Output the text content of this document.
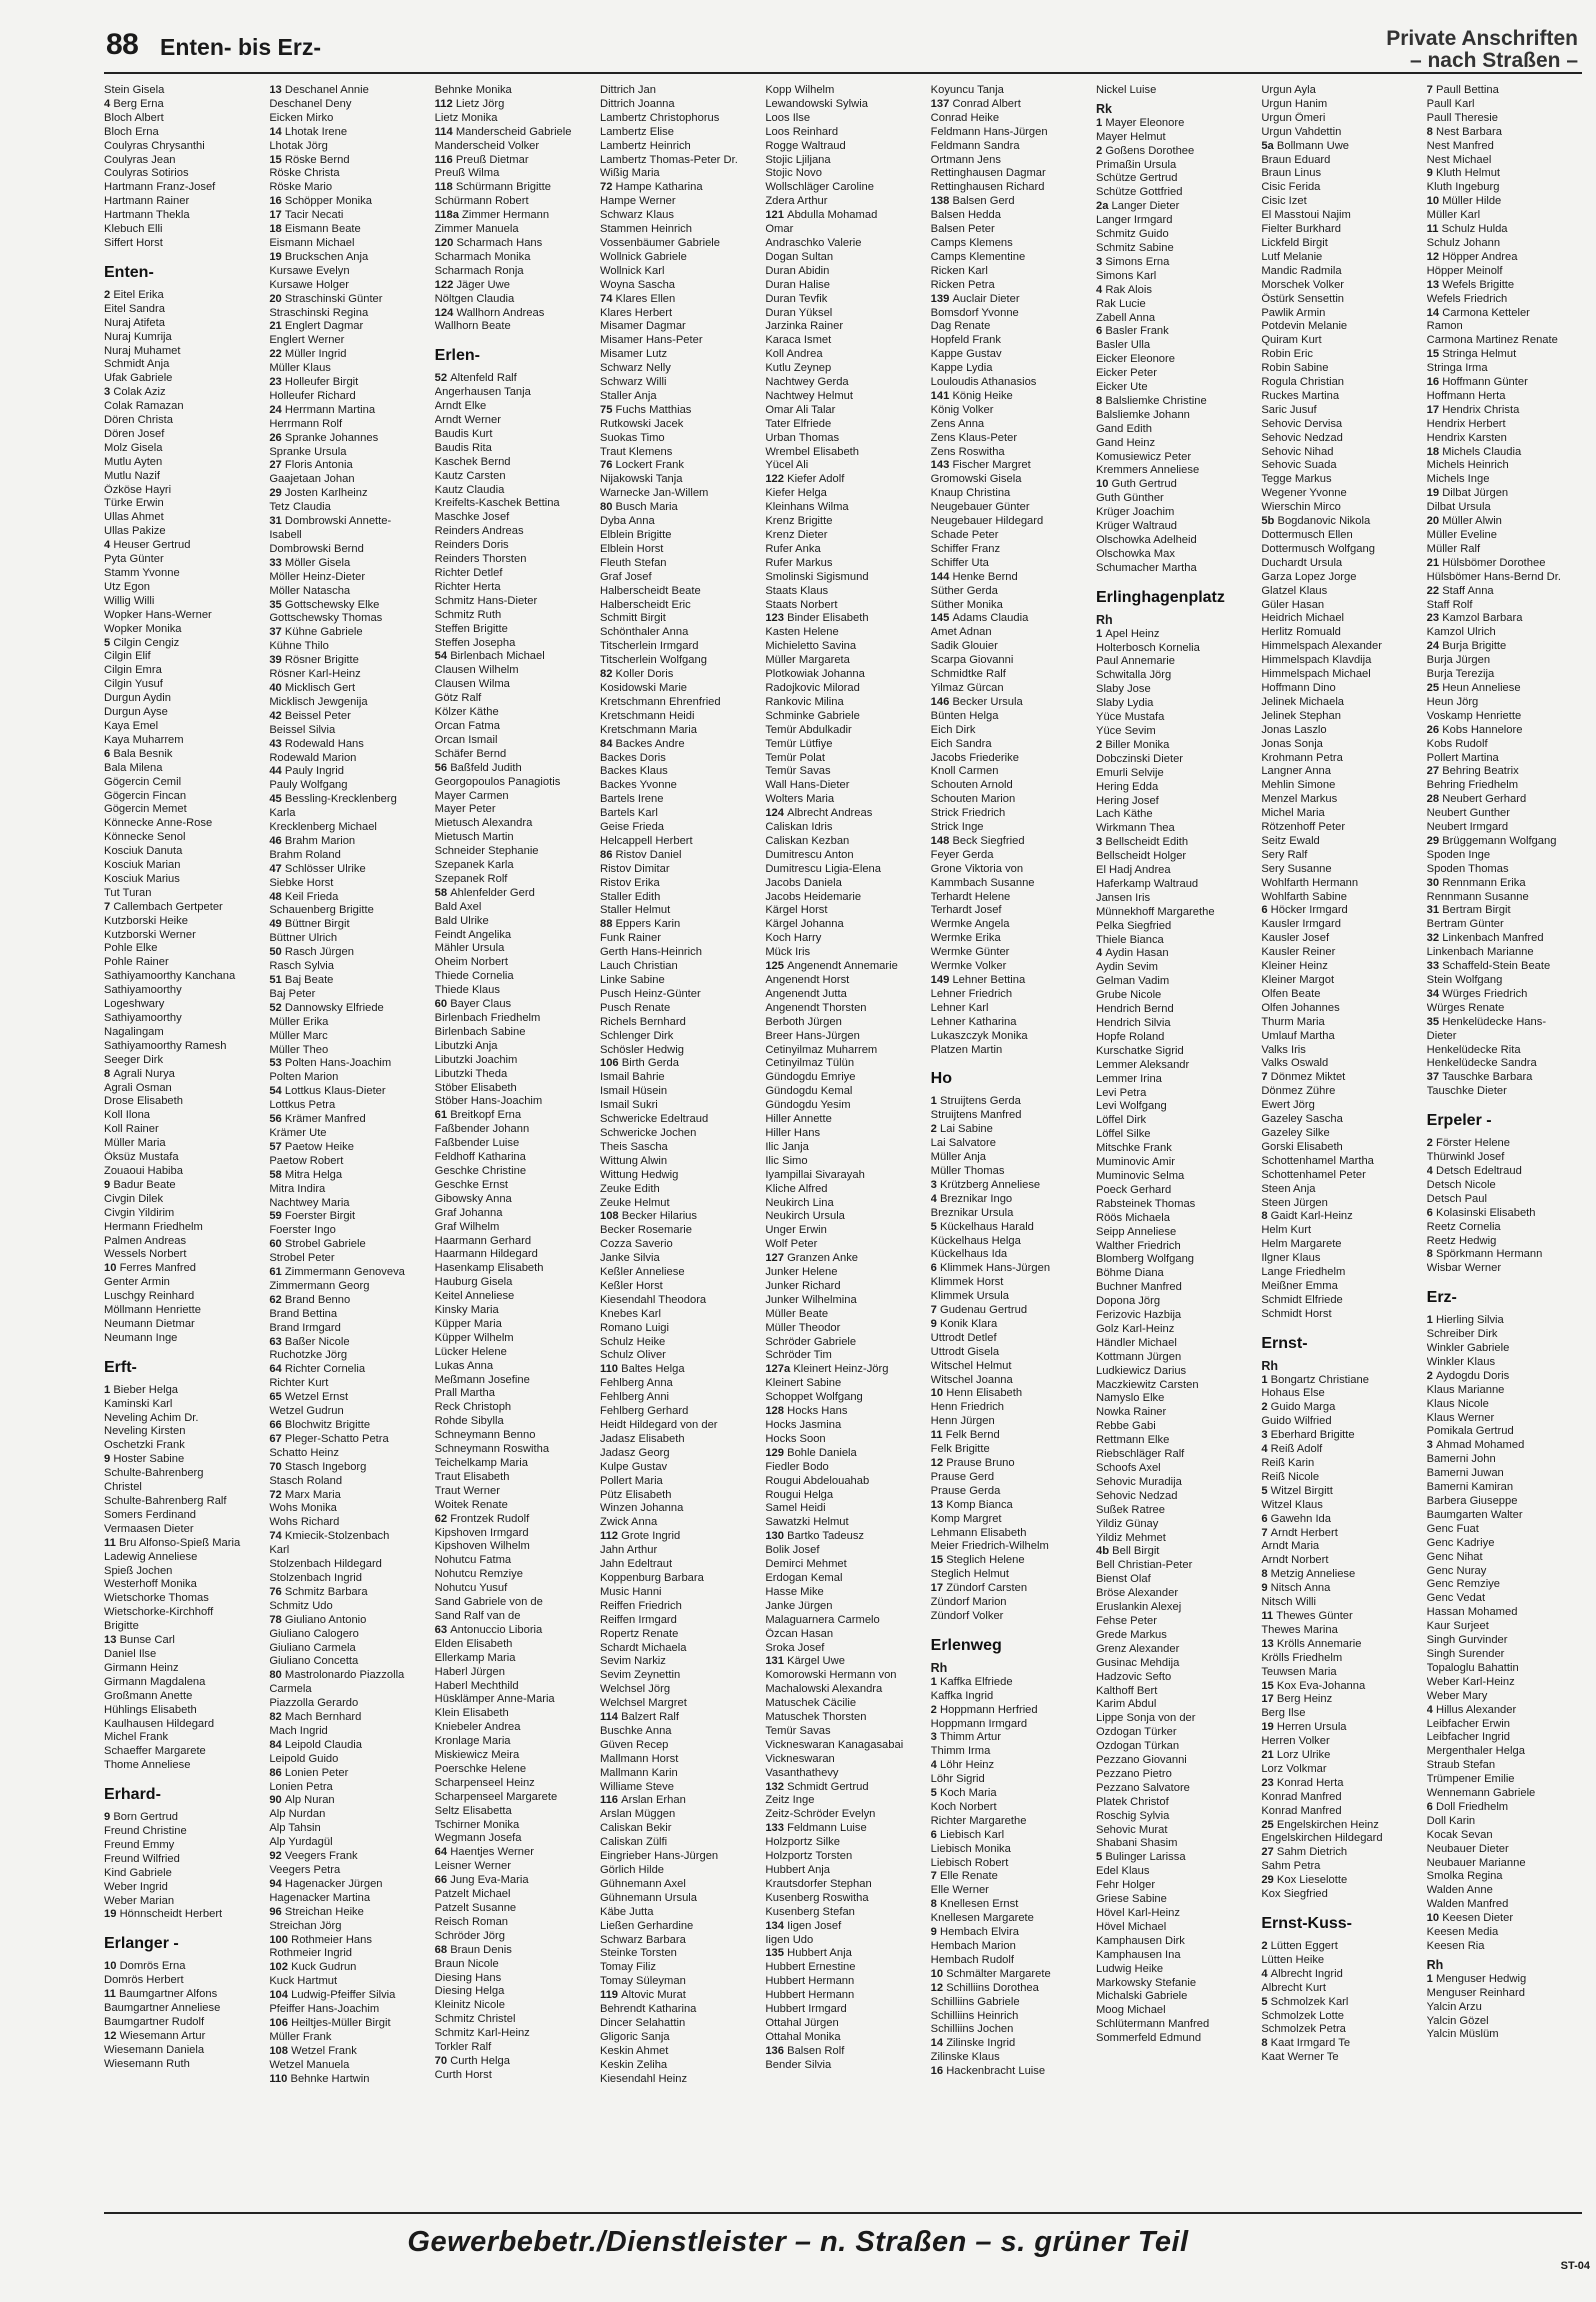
88 Enten- bis Erz-	Private Anschriften
– nach Straßen –
Stein Gisela
4 Berg Erna
Bloch Albert
Bloch Erna
Coulyras Chrysanthi
Coulyras Jean
Coulyras Sotirios
Hartmann Franz-Josef
Hartmann Rainer
Hartmann Thekla
Klebuch Elli
Siffert Horst
Enten-
2 Eitel Erika
Eitel Sandra
Nuraj Atifeta
Nuraj Kumrija
Nuraj Muhamet
Schmidt Anja
Ufak Gabriele
3 Colak Aziz
Colak Ramazan
Dören Christa
Dören Josef
Molz Gisela
Mutlu Ayten
Mutlu Nazif
Özköse Hayri
Türke Erwin
Ullas Ahmet
Ullas Pakize
4 Heuser Gertrud
Pyta Günter
Stamm Yvonne
Utz Egon
Willig Willi
Wopker Hans-Werner
Wopker Monika
5 Cilgin Cengiz
Cilgin Elif
Cilgin Emra
Cilgin Yusuf
Durgun Aydin
Durgun Ayse
Kaya Emel
Kaya Muharrem
6 Bala Besnik
Bala Milena
Gögercin Cemil
Gögercin Fincan
Gögercin Memet
Könnecke Anne-Rose
Könnecke Senol
Kosciuk Danuta
Kosciuk Marian
Kosciuk Marius
Tut Turan
7 Callembach Gertpeter
Kutzborski Heike
Kutzborski Werner
Pohle Elke
Pohle Rainer
Sathiyamoorthy Kanchana
Sathiyamoorthy
Logeshwary
Sathiyamoorthy
Nagalingam
Sathiyamoorthy Ramesh
Seeger Dirk
8 Agrali Nurya
Agrali Osman
Drose Elisabeth
Koll Ilona
Koll Rainer
Müller Maria
Öksüz Mustafa
Zouaoui Habiba
9 Badur Beate
Civgin Dilek
Civgin Yildirim
Hermann Friedhelm
Palmen Andreas
Wessels Norbert
10 Ferres Manfred
Genter Armin
Luschgy Reinhard
Möllmann Henriette
Neumann Dietmar
Neumann Inge
Erft-
1 Bieber Helga
Kaminski Karl
Neveling Achim Dr.
Neveling Kirsten
Oschetzki Frank
9 Hoster Sabine
Schulte-Bahrenberg
Christel
Schulte-Bahrenberg Ralf
Somers Ferdinand
Vermaasen Dieter
11 Bru Alfonso-Spieß Maria
Ladewig Anneliese
Spieß Jochen
Westerhoff Monika
Wietschorke Thomas
Wietschorke-Kirchhoff
Brigitte
13 Bunse Carl
Daniel Ilse
Girmann Heinz
Girmann Magdalena
Großmann Anette
Hühlings Elisabeth
Kaulhausen Hildegard
Michel Frank
Schaeffer Margarete
Thome Anneliese
Erhard-
9 Born Gertrud
Freund Christine
Freund Emmy
Freund Wilfried
Kind Gabriele
Weber Ingrid
Weber Marian
19 Hönnscheidt Herbert
Erlanger -
10 Domrös Erna
Domrös Herbert
11 Baumgartner Alfons
Baumgartner Anneliese
Baumgartner Rudolf
12 Wiesemann Artur
Wiesemann Daniela
Wiesemann Ruth
13 Deschanel Annie
Deschanel Deny
Eicken Mirko
14 Lhotak Irene
Lhotak Jörg
15 Röske Bernd
Röske Christa
Röske Mario
16 Schöpper Monika
17 Tacir Necati
18 Eismann Beate
Eismann Michael
19 Bruckschen Anja
Kursawe Evelyn
Kursawe Holger
20 Straschinski Günter
Straschinski Regina
21 Englert Dagmar
Englert Werner
22 Müller Ingrid
Müller Klaus
23 Holleufer Birgit
Holleufer Richard
24 Herrmann Martina
Herrmann Rolf
26 Spranke Johannes
Spranke Ursula
27 Floris Antonia
Gaajetaan Johan
29 Josten Karlheinz
Tetz Claudia
31 Dombrowski Annette-
Isabell
Dombrowski Bernd
33 Möller Gisela
Möller Heinz-Dieter
Möller Natascha
35 Gottschewsky Elke
Gottschewsky Thomas
37 Kühne Gabriele
Kühne Thilo
39 Rösner Brigitte
Rösner Karl-Heinz
40 Micklisch Gert
Micklisch Jewgenija
42 Beissel Peter
Beissel Silvia
43 Rodewald Hans
Rodewald Marion
44 Pauly Ingrid
Pauly Wolfgang
45 Bessling-Krecklenberg
Karla
Krecklenberg Michael
46 Brahm Marion
Brahm Roland
47 Schlösser Ulrike
Siebke Horst
48 Keil Frieda
Schauenberg Brigitte
49 Büttner Birgit
Büttner Ulrich
50 Rasch Jürgen
Rasch Sylvia
51 Baj Beate
Baj Peter
52 Dannowsky Elfriede
Müller Erika
Müller Marc
Müller Theo
53 Polten Hans-Joachim
Polten Marion
54 Lottkus Klaus-Dieter
Lottkus Petra
56 Krämer Manfred
Krämer Ute
57 Paetow Heike
Paetow Robert
58 Mitra Helga
Mitra Indira
Nachtwey Maria
59 Foerster Birgit
Foerster Ingo
60 Strobel Gabriele
Strobel Peter
61 Zimmermann Genoveva
Zimmermann Georg
62 Brand Benno
Brand Bettina
Brand Irmgard
63 Baßer Nicole
Ruchotzke Jörg
64 Richter Cornelia
Richter Kurt
65 Wetzel Ernst
Wetzel Gudrun
66 Blochwitz Brigitte
67 Pleger-Schatto Petra
Schatto Heinz
70 Stasch Ingeborg
Stasch Roland
72 Marx Maria
Wohs Monika
Wohs Richard
74 Kmiecik-Stolzenbach
Karl
Stolzenbach Hildegard
Stolzenbach Ingrid
76 Schmitz Barbara
Schmitz Udo
78 Giuliano Antonio
Giuliano Calogero
Giuliano Carmela
Giuliano Concetta
80 Mastrolonardo Piazzolla
Carmela
Piazzolla Gerardo
82 Mach Bernhard
Mach Ingrid
84 Leipold Claudia
Leipold Guido
86 Lonien Peter
Lonien Petra
90 Alp Nuran
Alp Nurdan
Alp Tahsin
Alp Yurdagül
92 Veegers Frank
Veegers Petra
94 Hagenacker Jürgen
Hagenacker Martina
96 Streichan Heike
Streichan Jörg
100 Rothmeier Hans
Rothmeier Ingrid
102 Kuck Gudrun
Kuck Hartmut
104 Ludwig-Pfeiffer Silvia
Pfeiffer Hans-Joachim
106 Heiltjes-Müller Birgit
Müller Frank
108 Wetzel Frank
Wetzel Manuela
110 Behnke Hartwin
Behnke Monika
112 Lietz Jörg
Lietz Monika
114 Manderscheid Gabriele
Manderscheid Volker
116 Preuß Dietmar
Preuß Wilma
118 Schürmann Brigitte
Schürmann Robert
118a Zimmer Hermann
Zimmer Manuela
120 Scharmach Hans
Scharmach Monika
Scharmach Ronja
122 Jäger Uwe
Nöltgen Claudia
124 Wallhorn Andreas
Wallhorn Beate
Erlen-
52 Altenfeld Ralf
Angerhausen Tanja
Arndt Elke
Arndt Werner
Baudis Kurt
Baudis Rita
Kaschek Bernd
Kautz Carsten
Kautz Claudia
Kreifelts-Kaschek Bettina
Maschke Josef
Reinders Andreas
Reinders Doris
Reinders Thorsten
Richter Detlef
Richter Herta
Schmitz Hans-Dieter
Schmitz Ruth
Steffen Brigitte
Steffen Josepha
54 Birlenbach Michael
Clausen Wilhelm
Clausen Wilma
Götz Ralf
Kölzer Käthe
Orcan Fatma
Orcan Ismail
Schäfer Bernd
56 Baßfeld Judith
Georgopoulos Panagiotis
Mayer Carmen
Mayer Peter
Mietusch Alexandra
Mietusch Martin
Schneider Stephanie
Szepanek Karla
Szepanek Rolf
58 Ahlenfelder Gerd
Bald Axel
Bald Ulrike
Feindt Angelika
Mähler Ursula
Oheim Norbert
Thiede Cornelia
Thiede Klaus
60 Bayer Claus
Birlenbach Friedhelm
Birlenbach Sabine
Libutzki Anja
Libutzki Joachim
Libutzki Theda
Stöber Elisabeth
Stöber Hans-Joachim
61 Breitkopf Erna
Faßbender Johann
Faßbender Luise
Feldhoff Katharina
Geschke Christine
Geschke Ernst
Gibowsky Anna
Graf Johanna
Graf Wilhelm
Haarmann Gerhard
Haarmann Hildegard
Hasenkamp Elisabeth
Hauburg Gisela
Keitel Anneliese
Kinsky Maria
Küpper Maria
Küpper Wilhelm
Lücker Helene
Lukas Anna
Meßmann Josefine
Prall Martha
Reck Christoph
Rohde Sibylla
Schneymann Benno
Schneymann Roswitha
Teichelkamp Maria
Traut Elisabeth
Traut Werner
Woitek Renate
62 Frontzek Rudolf
Kipshoven Irmgard
Kipshoven Wilhelm
Nohutcu Fatma
Nohutcu Remziye
Nohutcu Yusuf
Sand Gabriele von de
Sand Ralf van de
63 Antonuccio Liboria
Elden Elisabeth
Ellerkamp Maria
Haberl Jürgen
Haberl Mechthild
Hüsklämper Anne-Maria
Klein Elisabeth
Kniebeler Andrea
Kronlage Maria
Miskiewicz Meira
Poerschke Helene
Scharpenseel Heinz
Scharpenseel Margarete
Seltz Elisabetta
Tschirner Monika
Wegmann Josefa
64 Haentjes Werner
Leisner Werner
66 Jung Eva-Maria
Patzelt Michael
Patzelt Susanne
Reisch Roman
Schröder Jörg
68 Braun Denis
Braun Nicole
Diesing Hans
Diesing Helga
Kleinitz Nicole
Schmitz Christel
Schmitz Karl-Heinz
Torkler Ralf
70 Curth Helga
Curth Horst
Dittrich Jan
Dittrich Joanna
Lambertz Christophorus
Lambertz Elise
Lambertz Heinrich
Lambertz Thomas-Peter Dr.
Wißig Maria
72 Hampe Katharina
Hampe Werner
Schwarz Klaus
Stammen Heinrich
Vossenbäumer Gabriele
Wollnick Gabriele
Wollnick Karl
Woyna Sascha
74 Klares Ellen
Klares Herbert
Misamer Dagmar
Misamer Hans-Peter
Misamer Lutz
Schwarz Nelly
Schwarz Willi
Staller Anja
75 Fuchs Matthias
Rutkowski Jacek
Suokas Timo
Traut Klemens
76 Lockert Frank
Nijakowski Tanja
Warnecke Jan-Willem
80 Busch Maria
Dyba Anna
Elblein Brigitte
Elblein Horst
Fleuth Stefan
Graf Josef
Halberscheidt Beate
Halberscheidt Eric
Schmitt Birgit
Schönthaler Anna
Titscherlein Irmgard
Titscherlein Wolfgang
82 Koller Doris
Kosidowski Marie
Kretschmann Ehrenfried
Kretschmann Heidi
Kretschmann Maria
84 Backes Andre
Backes Doris
Backes Klaus
Backes Yvonne
Bartels Irene
Bartels Karl
Geise Frieda
Helcappell Herbert
86 Ristov Daniel
Ristov Dimitar
Ristov Erika
Staller Edith
Staller Helmut
88 Eppers Karin
Funk Rainer
Gerth Hans-Heinrich
Lauch Christian
Linke Sabine
Pusch Heinz-Günter
Pusch Renate
Richels Bernhard
Schlenger Dirk
Schösler Hedwig
106 Birth Gerda
Ismail Bahrie
Ismail Hüsein
Ismail Sukri
Schwericke Edeltraud
Schwericke Jochen
Theis Sascha
Wittung Alwin
Wittung Hedwig
Zeuke Edith
Zeuke Helmut
108 Becker Hilarius
Becker Rosemarie
Cozza Saverio
Janke Silvia
Keßler Anneliese
Keßler Horst
Kiesendahl Theodora
Knebes Karl
Romano Luigi
Schulz Heike
Schulz Oliver
110 Baltes Helga
Fehlberg Anna
Fehlberg Anni
Fehlberg Gerhard
Heidt Hildegard von der
Jadasz Elisabeth
Jadasz Georg
Kulpe Gustav
Pollert Maria
Pütz Elisabeth
Winzen Johanna
Zwick Anna
112 Grote Ingrid
Jahn Arthur
Jahn Edeltraut
Koppenburg Barbara
Music Hanni
Reiffen Friedrich
Reiffen Irmgard
Ropertz Renate
Schardt Michaela
Sevim Narkiz
Sevim Zeynettin
Welchsel Jörg
Welchsel Margret
114 Balzert Ralf
Buschke Anna
Güven Recep
Mallmann Horst
Mallmann Karin
Williame Steve
116 Arslan Erhan
Arslan Müggen
Caliskan Bekir
Caliskan Zülfi
Eingrieber Hans-Jürgen
Görlich Hilde
Gühnemann Axel
Gühnemann Ursula
Käbe Jutta
Ließen Gerhardine
Schwarz Barbara
Steinke Torsten
Tomay Filiz
Tomay Süleyman
119 Altovic Murat
Behrendt Katharina
Dincer Selahattin
Gligoric Sanja
Keskin Ahmet
Keskin Zeliha
Kiesendahl Heinz
Kopp Wilhelm
Lewandowski Sylwia
Loos Ilse
Loos Reinhard
Rogge Waltraud
Stojic Ljiljana
Stojic Novo
Wollschläger Caroline
Zdera Arthur
121 Abdulla Mohamad
Omar
Andraschko Valerie
Dogan Sultan
Duran Abidin
Duran Halise
Duran Tevfik
Duran Yüksel
Jarzinka Rainer
Karaca Ismet
Koll Andrea
Kutlu Zeynep
Nachtwey Gerda
Nachtwey Helmut
Omar Ali Talar
Tater Elfriede
Urban Thomas
Wrembel Elisabeth
Yücel Ali
122 Kiefer Adolf
Kiefer Helga
Kleinhans Wilma
Krenz Brigitte
Krenz Dieter
Rufer Anka
Rufer Markus
Smolinski Sigismund
Staats Klaus
Staats Norbert
123 Binder Elisabeth
Kasten Helene
Michieletto Savina
Müller Margareta
Plotkowiak Johanna
Radojkovic Milorad
Rankovic Milina
Schminke Gabriele
Temür Abdulkadir
Temür Lütfiye
Temür Polat
Temür Savas
Wall Hans-Dieter
Wolters Maria
124 Albrecht Andreas
Caliskan Idris
Caliskan Kezban
Dumitrescu Anton
Dumitrescu Ligia-Elena
Jacobs Daniela
Jacobs Heidemarie
Kärgel Horst
Kärgel Johanna
Koch Harry
Mück Iris
125 Angenendt Annemarie
Angenendt Horst
Angenendt Jutta
Angenendt Thorsten
Berboth Jürgen
Breer Hans-Jürgen
Cetinyilmaz Muharrem
Cetinyilmaz Tülün
Gündogdu Emriye
Gündogdu Kemal
Gündogdu Yesim
Hiller Annette
Hiller Hans
Ilic Janja
Ilic Simo
Iyampillai Sivarayah
Kliche Alfred
Neukirch Lina
Neukirch Ursula
Unger Erwin
Wolf Peter
127 Granzen Anke
Junker Helene
Junker Richard
Junker Wilhelmina
Müller Beate
Müller Theodor
Schröder Gabriele
Schröder Tim
127a Kleinert Heinz-Jörg
Kleinert Sabine
Schoppet Wolfgang
128 Hocks Hans
Hocks Jasmina
Hocks Soon
129 Bohle Daniela
Fiedler Bodo
Rougui Abdelouahab
Rougui Helga
Samel Heidi
Sawatzki Helmut
130 Bartko Tadeusz
Bolik Josef
Demirci Mehmet
Erdogan Kemal
Hasse Mike
Janke Jürgen
Malaguarnera Carmelo
Özcan Hasan
Sroka Josef
131 Kärgel Uwe
Komorowski Hermann von
Machalowski Alexandra
Matuschek Cäcilie
Matuschek Thorsten
Temür Savas
Vickneswaran Kanagasabai
Vickneswaran
Vasanthathevy
132 Schmidt Gertrud
Zeitz Inge
Zeitz-Schröder Evelyn
133 Feldmann Luise
Holzportz Silke
Holzportz Torsten
Hubbert Anja
Krautsdorfer Stephan
Kusenberg Roswitha
Kusenberg Stefan
134 Iigen Josef
Iigen Udo
135 Hubbert Anja
Hubbert Ernestine
Hubbert Hermann
Hubbert Hermann
Hubbert Irmgard
Ottahal Jürgen
Ottahal Monika
136 Balsen Rolf
Bender Silvia
Koyuncu Tanja
137 Conrad Albert
Conrad Heike
Feldmann Hans-Jürgen
Feldmann Sandra
Ortmann Jens
Rettinghausen Dagmar
Rettinghausen Richard
138 Balsen Gerd
Balsen Hedda
Balsen Peter
Camps Klemens
Camps Klementine
Ricken Karl
Ricken Petra
139 Auclair Dieter
Bomsdorf Yvonne
Dag Renate
Hopfeld Frank
Kappe Gustav
Kappe Lydia
Louloudis Athanasios
141 König Heike
König Volker
Zens Anna
Zens Klaus-Peter
Zens Roswitha
143 Fischer Margret
Gromowski Gisela
Knaup Christina
Neugebauer Günter
Neugebauer Hildegard
Schade Peter
Schiffer Franz
Schiffer Uta
144 Henke Bernd
Süther Gerda
Süther Monika
145 Adams Claudia
Amet Adnan
Sadik Glouier
Scarpa Giovanni
Schmidtke Ralf
Yilmaz Gürcan
146 Becker Ursula
Bünten Helga
Eich Dirk
Eich Sandra
Jacobs Friederike
Knoll Carmen
Schouten Arnold
Schouten Marion
Strick Friedrich
Strick Inge
148 Beck Siegfried
Feyer Gerda
Grone Viktoria von
Kammbach Susanne
Terhardt Helene
Terhardt Josef
Wermke Angela
Wermke Erika
Wermke Günter
Wermke Volker
149 Lehner Bettina
Lehner Friedrich
Lehner Karl
Lehner Katharina
Lukaszczyk Monika
Platzen Martin
Ho
1 Struijtens Gerda
Struijtens Manfred
2 Lai Sabine
Lai Salvatore
Müller Anja
Müller Thomas
3 Krützberg Anneliese
4 Breznikar Ingo
Breznikar Ursula
5 Kückelhaus Harald
Kückelhaus Helga
Kückelhaus Ida
6 Klimmek Hans-Jürgen
Klimmek Horst
Klimmek Ursula
7 Gudenau Gertrud
9 Konik Klara
Uttrodt Detlef
Uttrodt Gisela
Witschel Helmut
Witschel Joanna
10 Henn Elisabeth
Henn Friedrich
Henn Jürgen
11 Felk Bernd
Felk Brigitte
12 Prause Bruno
Prause Gerd
Prause Gerda
13 Komp Bianca
Komp Margret
Lehmann Elisabeth
Meier Friedrich-Wilhelm
15 Steglich Helene
Steglich Helmut
17 Zündorf Carsten
Zündorf Marion
Zündorf Volker
Erlenweg
Rh
1 Kaffka Elfriede
Kaffka Ingrid
2 Hoppmann Herfried
Hoppmann Irmgard
3 Thimm Artur
Thimm Irma
4 Löhr Heinz
Löhr Sigrid
5 Koch Maria
Koch Norbert
Richter Margarethe
6 Liebisch Karl
Liebisch Monika
Liebisch Robert
7 Elle Renate
Elle Werner
8 Knellesen Ernst
Knellesen Margarete
9 Hembach Elvira
Hembach Marion
Hembach Rudolf
10 Schmälter Margarete
12 Schilliins Dorothea
Schilliins Gabriele
Schilliins Heinrich
Schilliins Jochen
14 Zilinske Ingrid
Zilinske Klaus
16 Hackenbracht Luise
Nickel Luise
Rk
1 Mayer Eleonore
Mayer Helmut
2 Goßens Dorothee
Primaßin Ursula
Schütze Gertrud
Schütze Gottfried
2a Langer Dieter
Langer Irmgard
Schmitz Guido
Schmitz Sabine
3 Simons Erna
Simons Karl
4 Rak Alois
Rak Lucie
Zabell Anna
6 Basler Frank
Basler Ulla
Eicker Eleonore
Eicker Peter
Eicker Ute
8 Balsliemke Christine
Balsliemke Johann
Gand Edith
Gand Heinz
Komusiewicz Peter
Kremmers Anneliese
10 Guth Gertrud
Guth Günther
Krüger Joachim
Krüger Waltraud
Olschowka Adelheid
Olschowka Max
Schumacher Martha
Erlinghagenplatz
Rh
1 Apel Heinz
Holterbosch Kornelia
Paul Annemarie
Schwitalla Jörg
Slaby Jose
Slaby Lydia
Yüce Mustafa
Yüce Sevim
2 Biller Monika
Dobczinski Dieter
Emurli Selvije
Hering Edda
Hering Josef
Lach Käthe
Wirkmann Thea
3 Bellscheidt Edith
Bellscheidt Holger
El Hadj Andrea
Haferkamp Waltraud
Jansen Iris
Münnekhoff Margarethe
Pelka Siegfried
Thiele Bianca
4 Aydin Hasan
Aydin Sevim
Gelman Vadim
Grube Nicole
Hendrich Bernd
Hendrich Silvia
Hopfe Roland
Kurschatke Sigrid
Lemmer Aleksandr
Lemmer Irina
Levi Petra
Levi Wolfgang
Löffel Dirk
Löffel Silke
Mitschke Frank
Muminovic Amir
Muminovic Selma
Poeck Gerhard
Rabsteinek Thomas
Röös Michaela
Seipp Anneliese
Walther Friedrich
Blomberg Wolfgang
Böhme Diana
Buchner Manfred
Dopona Jörg
Ferizovic Hazbija
Golz Karl-Heinz
Händler Michael
Kottmann Jürgen
Ludkiewicz Darius
Maczkiewitz Carsten
Namyslo Elke
Nowka Rainer
Rebbe Gabi
Rettmann Elke
Riebschläger Ralf
Schoofs Axel
Sehovic Muradija
Sehovic Nedzad
Sußek Ratree
Yildiz Günay
Yildiz Mehmet
4b Bell Birgit
Bell Christian-Peter
Bienst Olaf
Bröse Alexander
Eruslankin Alexej
Fehse Peter
Grede Markus
Grenz Alexander
Gusinac Mehdija
Hadzovic Sefto
Kalthoff Bert
Karim Abdul
Lippe Sonja von der
Ozdogan Türker
Ozdogan Türkan
Pezzano Giovanni
Pezzano Pietro
Pezzano Salvatore
Platek Christof
Roschig Sylvia
Sehovic Murat
Shabani Shasim
5 Bulinger Larissa
Edel Klaus
Fehr Holger
Griese Sabine
Hövel Karl-Heinz
Hövel Michael
Kamphausen Dirk
Kamphausen Ina
Ludwig Heike
Markowsky Stefanie
Michalski Gabriele
Moog Michael
Schlütermann Manfred
Sommerfeld Edmund
Urgun Ayla
Urgun Hanim
Urgun Ömeri
Urgun Vahdettin
5a Bollmann Uwe
Braun Eduard
Braun Linus
Cisic Ferida
Cisic Izet
El Masstoui Najim
Fielter Burkhard
Lickfeld Birgit
Lutf Melanie
Mandic Radmila
Morschek Volker
Östürk Sensettin
Pawlik Armin
Potdevin Melanie
Quiram Kurt
Robin Eric
Robin Sabine
Rogula Christian
Ruckes Martina
Saric Jusuf
Sehovic Dervisa
Sehovic Nedzad
Sehovic Nihad
Sehovic Suada
Tegge Markus
Wegener Yvonne
Wierschin Mirco
5b Bogdanovic Nikola
Dottermusch Ellen
Dottermusch Wolfgang
Duchardt Ursula
Garza Lopez Jorge
Glatzel Klaus
Güler Hasan
Heidrich Michael
Herlitz Romuald
Himmelspach Alexander
Himmelspach Klavdija
Himmelspach Michael
Hoffmann Dino
Jelinek Michaela
Jelinek Stephan
Jonas Laszlo
Jonas Sonja
Krohmann Petra
Langner Anna
Mehlin Simone
Menzel Markus
Michel Maria
Rötzenhoff Peter
Seitz Ewald
Sery Ralf
Sery Susanne
Wohlfarth Hermann
Wohlfarth Sabine
6 Höcker Irmgard
Kausler Irmgard
Kausler Josef
Kausler Reiner
Kleiner Heinz
Kleiner Margot
Olfen Beate
Olfen Johannes
Thurm Maria
Umlauf Martha
Valks Iris
Valks Oswald
7 Dönmez Miktet
Dönmez Zühre
Ewert Jörg
Gazeley Sascha
Gazeley Silke
Gorski Elisabeth
Schottenhamel Martha
Schottenhamel Peter
Steen Anja
Steen Jürgen
8 Gaidt Karl-Heinz
Helm Kurt
Helm Margarete
Ilgner Klaus
Lange Friedhelm
Meißner Emma
Schmidt Elfriede
Schmidt Horst
Ernst-
Rh
1 Bongartz Christiane
Hohaus Else
2 Guido Marga
Guido Wilfried
3 Eberhard Brigitte
4 Reiß Adolf
Reiß Karin
Reiß Nicole
5 Witzel Birgitt
Witzel Klaus
6 Gawehn Ida
7 Arndt Herbert
Arndt Maria
Arndt Norbert
8 Metzig Anneliese
9 Nitsch Anna
Nitsch Willi
11 Thewes Günter
Thewes Marina
13 Krölls Annemarie
Krölls Friedhelm
Teuwsen Maria
15 Kox Eva-Johanna
17 Berg Heinz
Berg Ilse
19 Herren Ursula
Herren Volker
21 Lorz Ulrike
Lorz Volkmar
23 Konrad Herta
Konrad Manfred
Konrad Manfred
25 Engelskirchen Heinz
Engelskirchen Hildegard
27 Sahm Dietrich
Sahm Petra
29 Kox Lieselotte
Kox Siegfried
Ernst-Kuss-
2 Lütten Eggert
Lütten Heike
4 Albrecht Ingrid
Albrecht Kurt
5 Schmolzek Karl
Schmolzek Lotte
Schmolzek Petra
8 Kaat Irmgard Te
Kaat Werner Te
7 Paull Bettina
Paull Karl
Paull Theresie
8 Nest Barbara
Nest Manfred
Nest Michael
9 Kluth Helmut
Kluth Ingeburg
10 Müller Hilde
Müller Karl
11 Schulz Hulda
Schulz Johann
12 Höpper Andrea
Höpper Meinolf
13 Wefels Brigitte
Wefels Friedrich
14 Carmona Ketteler
Ramon
Carmona Martinez Renate
15 Stringa Helmut
Stringa Irma
16 Hoffmann Günter
Hoffmann Herta
17 Hendrix Christa
Hendrix Herbert
Hendrix Karsten
18 Michels Claudia
Michels Heinrich
Michels Inge
19 Dilbat Jürgen
Dilbat Ursula
20 Müller Alwin
Müller Eveline
Müller Ralf
21 Hülsbömer Dorothee
Hülsbömer Hans-Bernd Dr.
22 Staff Anna
Staff Rolf
23 Kamzol Barbara
Kamzol Ulrich
24 Burja Brigitte
Burja Jürgen
Burja Terezija
25 Heun Anneliese
Heun Jörg
Voskamp Henriette
26 Kobs Hannelore
Kobs Rudolf
Pollert Martina
27 Behring Beatrix
Behring Friedhelm
28 Neubert Gerhard
Neubert Gunther
Neubert Irmgard
29 Brüggemann Wolfgang
Spoden Inge
Spoden Thomas
30 Rennmann Erika
Rennmann Susanne
31 Bertram Birgit
Bertram Günter
32 Linkenbach Manfred
Linkenbach Marianne
33 Schaffeld-Stein Beate
Stein Wolfgang
34 Würges Friedrich
Würges Renate
35 Henkelüdecke Hans-
Dieter
Henkelüdecke Rita
Henkelüdecke Sandra
37 Tauschke Barbara
Tauschke Dieter
Erpeler -
2 Förster Helene
Thürwinkl Josef
4 Detsch Edeltraud
Detsch Nicole
Detsch Paul
6 Kolasinski Elisabeth
Reetz Cornelia
Reetz Hedwig
8 Spörkmann Hermann
Wisbar Werner
Erz-
1 Hierling Silvia
Schreiber Dirk
Winkler Gabriele
Winkler Klaus
2 Aydogdu Doris
Klaus Marianne
Klaus Nicole
Klaus Werner
Pomikala Gertrud
3 Ahmad Mohamed
Bamerni John
Bamerni Juwan
Bamerni Kamiran
Barbera Giuseppe
Baumgarten Walter
Genc Fuat
Genc Kadriye
Genc Nihat
Genc Nuray
Genc Remziye
Genc Vedat
Hassan Mohamed
Kaur Surjeet
Singh Gurvinder
Singh Surender
Topaloglu Bahattin
Weber Karl-Heinz
Weber Mary
4 Hillus Alexander
Leibfacher Erwin
Leibfacher Ingrid
Mergenthaler Helga
Straub Stefan
Trümpener Emilie
Wennemann Gabriele
6 Doll Friedhelm
Doll Karin
Kocak Sevan
Neubauer Dieter
Neubauer Marianne
Smolka Regina
Walden Anne
Walden Manfred
10 Keesen Dieter
Keesen Media
Keesen Ria
Rh
1 Menguser Hedwig
Menguser Reinhard
Yalcin Arzu
Yalcin Gözel
Yalcin Müslüm
Gewerbebetr./Dienstleister – n. Straßen – s. grüner Teil
ST-04
